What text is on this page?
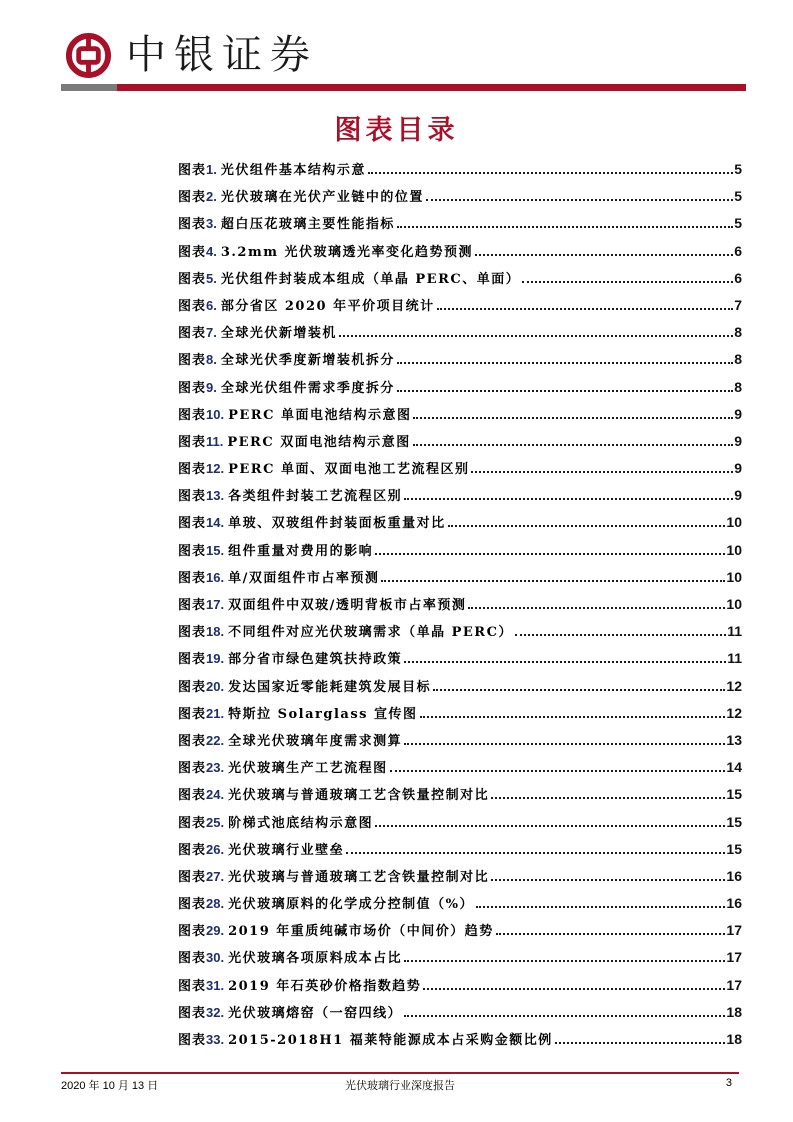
中银证券
图表目录
图表1. 光伏组件基本结构示意	5
图表2. 光伏玻璃在光伏产业链中的位置	5
图表3. 超白压花玻璃主要性能指标	5
图表4. 3.2mm 光伏玻璃透光率变化趋势预测	6
图表5. 光伏组件封装成本组成（单晶 PERC、单面）	6
图表6. 部分省区 2020 年平价项目统计	7
图表7. 全球光伏新增装机	8
图表8. 全球光伏季度新增装机拆分	8
图表9. 全球光伏组件需求季度拆分	8
图表10. PERC 单面电池结构示意图	9
图表11. PERC 双面电池结构示意图	9
图表12. PERC 单面、双面电池工艺流程区别	9
图表13. 各类组件封装工艺流程区别	9
图表14. 单玻、双玻组件封装面板重量对比	10
图表15. 组件重量对费用的影响	10
图表16. 单/双面组件市占率预测	10
图表17. 双面组件中双玻/透明背板市占率预测	10
图表18. 不同组件对应光伏玻璃需求（单晶 PERC）	11
图表19. 部分省市绿色建筑扶持政策	11
图表20. 发达国家近零能耗建筑发展目标	12
图表21. 特斯拉 Solarglass 宣传图	12
图表22. 全球光伏玻璃年度需求测算	13
图表23. 光伏玻璃生产工艺流程图	14
图表24. 光伏玻璃与普通玻璃工艺含铁量控制对比	15
图表25. 阶梯式池底结构示意图	15
图表26. 光伏玻璃行业壁垒	15
图表27. 光伏玻璃与普通玻璃工艺含铁量控制对比	16
图表28. 光伏玻璃原料的化学成分控制值（%）	16
图表29. 2019 年重质纯碱市场价（中间价）趋势	17
图表30. 光伏玻璃各项原料成本占比	17
图表31. 2019 年石英砂价格指数趋势	17
图表32. 光伏玻璃熔窑（一窑四线）	18
图表33. 2015-2018H1 福莱特能源成本占采购金额比例	18
2020 年 10 月 13 日	光伏玻璃行业深度报告	3
